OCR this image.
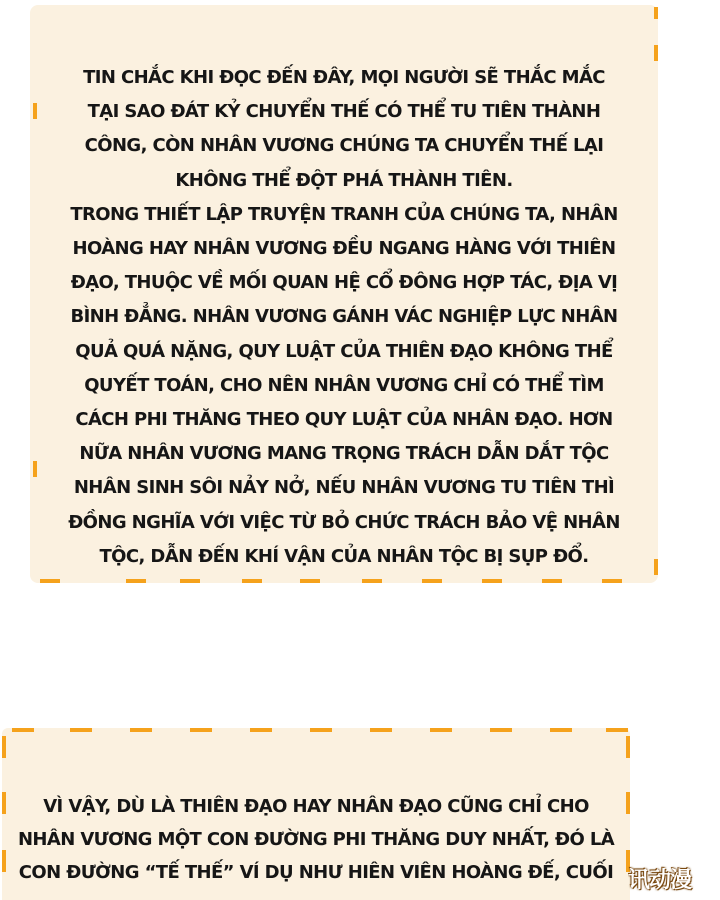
TIN CHẮC KHI ĐỌC ĐẾN ĐÂY, MỌI NGƯỜI SẼ THẮC MẮC
TẠI SAO ĐÁT KỶ CHUYỂN THẾ CÓ THỂ TU TIÊN THÀNH
CÔNG, CÒN NHÂN VƯƠNG CHÚNG TA CHUYỂN THẾ LẠI
KHÔNG THỂ ĐỘT PHÁ THÀNH TIÊN.
TRONG THIẾT LẬP TRUYỆN TRANH CỦA CHÚNG TA, NHÂN
HOÀNG HAY NHÂN VƯƠNG ĐỀU NGANG HÀNG VỚI THIÊN
ĐẠO, THUỘC VỀ MỐI QUAN HỆ CỔ ĐÔNG HỢP TÁC, ĐỊA VỊ
BÌNH ĐẲNG. NHÂN VƯƠNG GÁNH VÁC NGHIỆP LỰC NHÂN
QUẢ QUÁ NẶNG, QUY LUẬT CỦA THIÊN ĐẠO KHÔNG THỂ
QUYẾT TOÁN, CHO NÊN NHÂN VƯƠNG CHỈ CÓ THỂ TÌM
CÁCH PHI THĂNG THEO QUY LUẬT CỦA NHÂN ĐẠO. HƠN
NỮA NHÂN VƯƠNG MANG TRỌNG TRÁCH DẪN DẮT TỘC
NHÂN SINH SÔI NẢY NỞ, NẾU NHÂN VƯƠNG TU TIÊN THÌ
ĐỒNG NGHĨA VỚI VIỆC TỪ BỎ CHỨC TRÁCH BẢO VỆ NHÂN
TỘC, DẪN ĐẾN KHÍ VẬN CỦA NHÂN TỘC BỊ SỤP ĐỔ.

VÌ VẬY, DÙ LÀ THIÊN ĐẠO HAY NHÂN ĐẠO CŨNG CHỈ CHO
NHÂN VƯƠNG MỘT CON ĐƯỜNG PHI THĂNG DUY NHẤT, ĐÓ LÀ
CON ĐƯỜNG “TẾ THẾ” VÍ DỤ NHƯ HIÊN VIÊN HOÀNG ĐẾ, CUỐI 讯动漫
